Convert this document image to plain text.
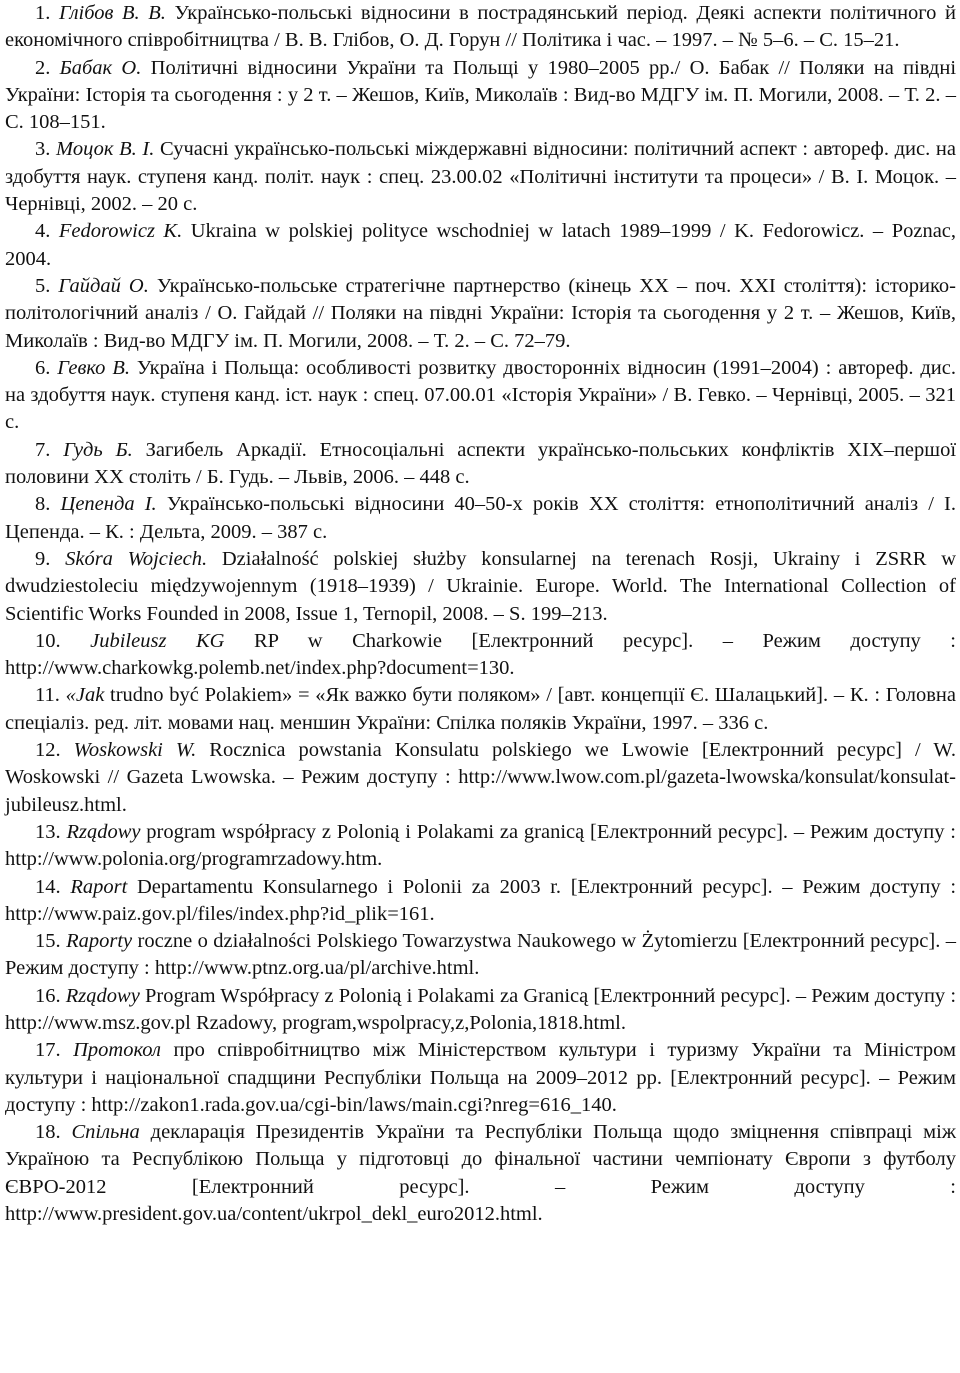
1. Глібов В. В. Українсько-польські відносини в пострадянський період. Деякі аспекти політичного й економічного співробітництва / В. В. Глібов, О. Д. Горун // Політика і час. – 1997. – № 5–6. – С. 15–21.

2. Бабак О. Політичні відносини України та Польщі у 1980–2005 рр./ О. Бабак // Поляки на півдні України: Історія та сьогодення : у 2 т. – Жешов, Київ, Миколаїв : Вид-во МДГУ ім. П. Могили, 2008. – Т. 2. – С. 108–151.

3. Моцок В. І. Сучасні українсько-польські міждержавні відносини: політичний аспект : автореф. дис. на здобуття наук. ступеня канд. політ. наук : спец. 23.00.02 «Політичні інститути та процеси» / В. І. Моцок. – Чернівці, 2002. – 20 с.

4. Fedorowicz K. Ukraina w polskiej polityce wschodniej w latach 1989–1999 / K. Fedorowicz. – Poznac, 2004.

5. Гайдай О. Українсько-польське стратегічне партнерство (кінець ХХ – поч. ХХІ століття): історико-політологічний аналіз / О. Гайдай // Поляки на півдні України: Історія та сьогодення у 2 т. – Жешов, Київ, Миколаїв : Вид-во МДГУ ім. П. Могили, 2008. – Т. 2. – С. 72–79.

6. Гевко В. Україна і Польща: особливості розвитку двосторонніх відносин (1991–2004) : автореф. дис. на здобуття наук. ступеня канд. іст. наук : спец. 07.00.01 «Історія України» / В. Гевко. – Чернівці, 2005. – 321 с.

7. Гудь Б. Загибель Аркадії. Етносоціальні аспекти українсько-польських конфліктів ХІХ–першої половини ХХ століть / Б. Гудь. – Львів, 2006. – 448 с.

8. Цепенда І. Українсько-польські відносини 40–50-х років ХХ століття: етнополітичний аналіз / І. Цепенда. – К. : Дельта, 2009. – 387 с.

9. Skóra Wojciech. Działalność polskiej służby konsularnej na terenach Rosji, Ukrainy i ZSRR w dwudziestoleciu międzywojennym (1918–1939) / Ukrainie. Europe. World. The International Collection of Scientific Works Founded in 2008, Issue 1, Ternopil, 2008. – S. 199–213.

10. Jubileusz KG RP w Charkowie [Електронний ресурс]. – Режим доступу : http://www.charkowkg.polemb.net/index.php?document=130.

11. «Jak trudno być Polakiem» = «Як важко бути поляком» / [авт. концепції Є. Шалацький]. – К. : Головна спеціаліз. ред. літ. мовами нац. меншин України: Спілка поляків України, 1997. – 336 с.

12. Woskowski W. Rocznica powstania Konsulatu polskiego we Lwowie [Електронний ресурс] / W. Woskowski // Gazeta Lwowska. – Режим доступу : http://www.lwow.com.pl/gazeta-lwowska/konsulat/konsulat-jubileusz.html.

13. Rządowy program współpracy z Polonią i Polakami za granicą [Електронний ресурс]. – Режим доступу : http://www.polonia.org/programrzadowy.htm.

14. Raport Departamentu Konsularnego i Polonii za 2003 r. [Електронний ресурс]. – Режим доступу : http://www.paiz.gov.pl/files/index.php?id_plik=161.

15. Raporty roczne o działalności Polskiego Towarzystwa Naukowego w Żytomierzu [Електронний ресурс]. – Режим доступу : http://www.ptnz.org.ua/pl/archive.html.

16. Rządowy Program Współpracy z Polonią i Polakami za Granicą [Електронний ресурс]. – Режим доступу : http://www.msz.gov.pl Rzadowy, program,wspolpracy,z,Polonia,1818.html.

17. Протокол про співробітництво між Міністерством культури і туризму України та Міністром культури і національної спадщини Республіки Польща на 2009–2012 рр. [Електронний ресурс]. – Режим доступу : http://zakon1.rada.gov.ua/cgi-bin/laws/main.cgi?nreg=616_140.

18. Спільна декларація Президентів України та Республіки Польща щодо зміцнення співпраці між Україною та Республікою Польща у підготовці до фінальної частини чемпіонату Європи з футболу ЄВРО-2012 [Електронний ресурс]. – Режим доступу : http://www.president.gov.ua/content/ukrpol_dekl_euro2012.html.
